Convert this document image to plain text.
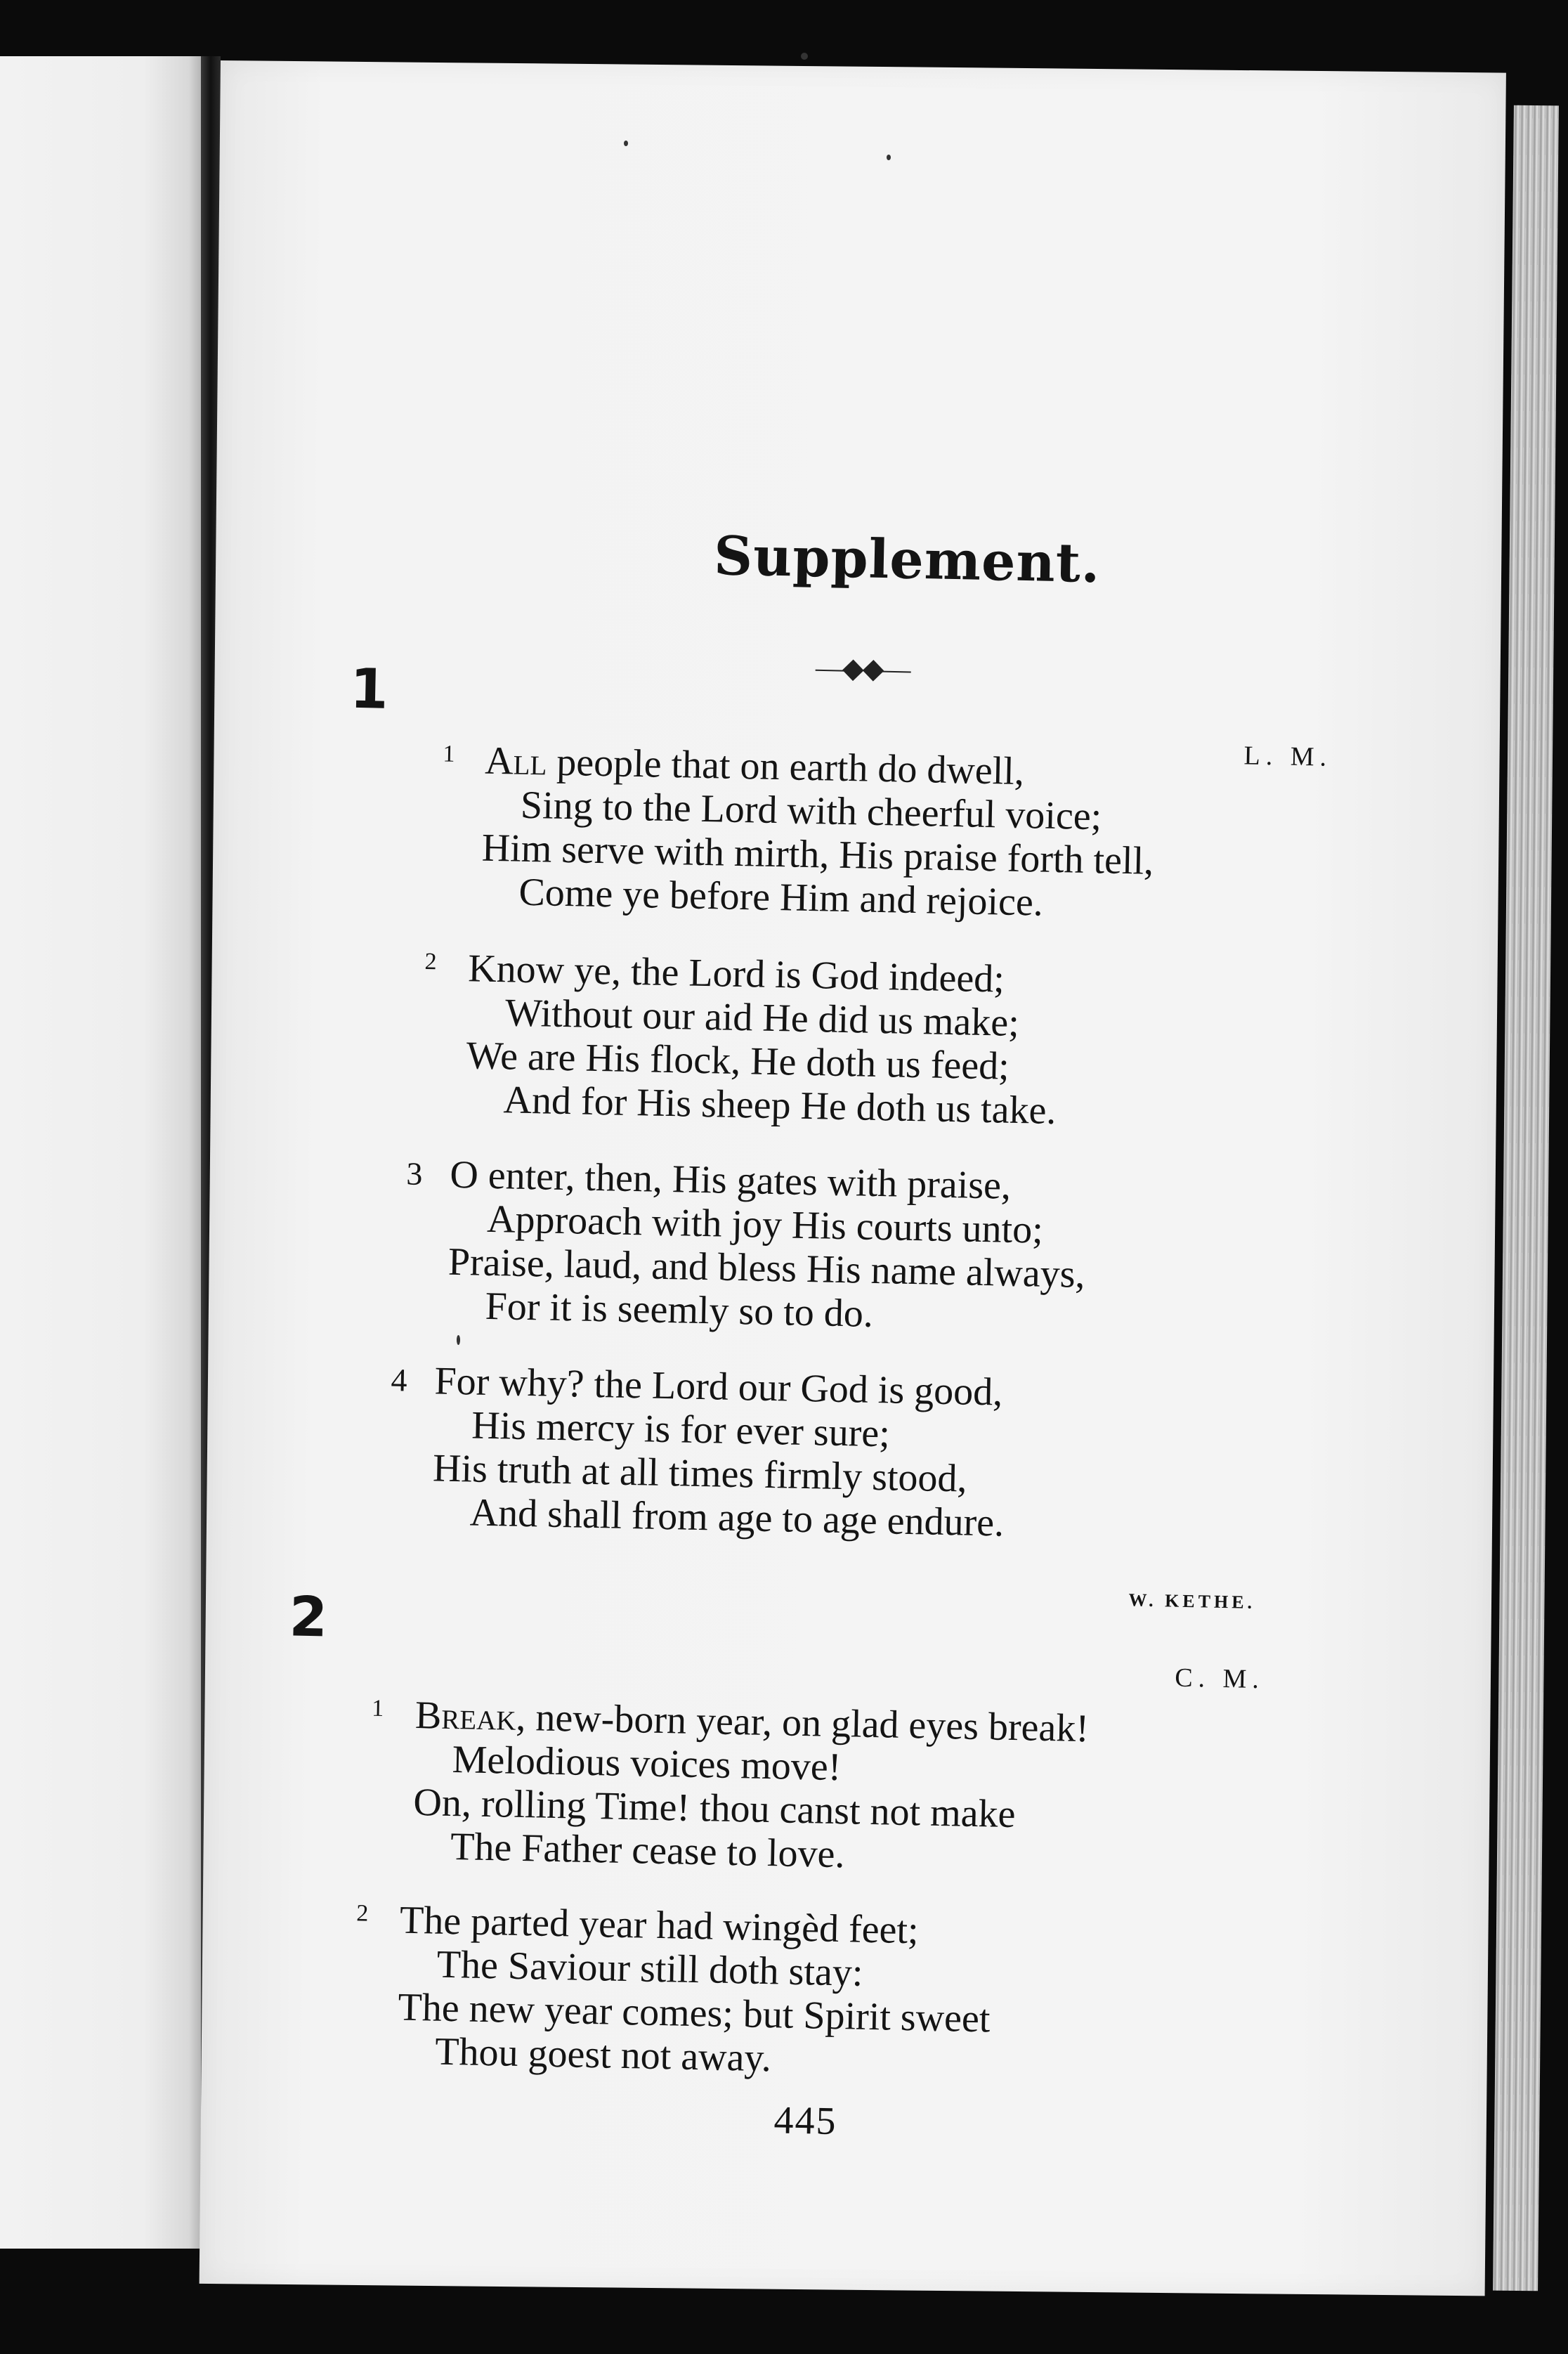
Supplement.
—◆◆—
1
L. M.
1 All people that on earth do dwell,
Sing to the Lord with cheerful voice;
Him serve with mirth, His praise forth tell,
Come ye before Him and rejoice.
2 Know ye, the Lord is God indeed;
Without our aid He did us make;
We are His flock, He doth us feed;
And for His sheep He doth us take.
3 O enter, then, His gates with praise,
Approach with joy His courts unto;
Praise, laud, and bless His name always,
For it is seemly so to do.
4 For why? the Lord our God is good,
His mercy is for ever sure;
His truth at all times firmly stood,
And shall from age to age endure.
W. KETHE.
2
C. M.
1 Break, new-born year, on glad eyes break!
Melodious voices move!
On, rolling Time! thou canst not make
The Father cease to love.
2 The parted year had wingèd feet;
The Saviour still doth stay:
The new year comes; but Spirit sweet
Thou goest not away.
445
